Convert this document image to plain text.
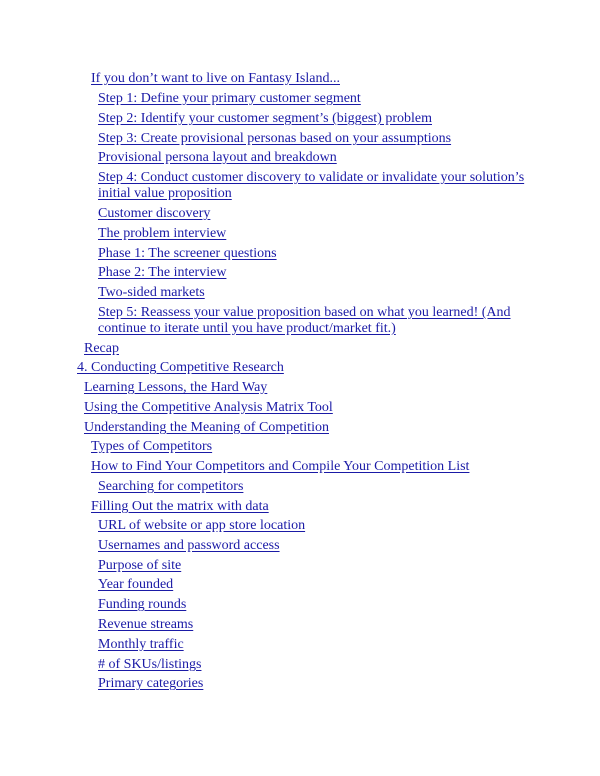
If you don’t want to live on Fantasy Island...
Step 1: Define your primary customer segment
Step 2: Identify your customer segment’s (biggest) problem
Step 3: Create provisional personas based on your assumptions
Provisional persona layout and breakdown
Step 4: Conduct customer discovery to validate or invalidate your solution’s initial value proposition
Customer discovery
The problem interview
Phase 1: The screener questions
Phase 2: The interview
Two-sided markets
Step 5: Reassess your value proposition based on what you learned! (And continue to iterate until you have product/market fit.)
Recap
4. Conducting Competitive Research
Learning Lessons, the Hard Way
Using the Competitive Analysis Matrix Tool
Understanding the Meaning of Competition
Types of Competitors
How to Find Your Competitors and Compile Your Competition List
Searching for competitors
Filling Out the matrix with data
URL of website or app store location
Usernames and password access
Purpose of site
Year founded
Funding rounds
Revenue streams
Monthly traffic
# of SKUs/listings
Primary categories
